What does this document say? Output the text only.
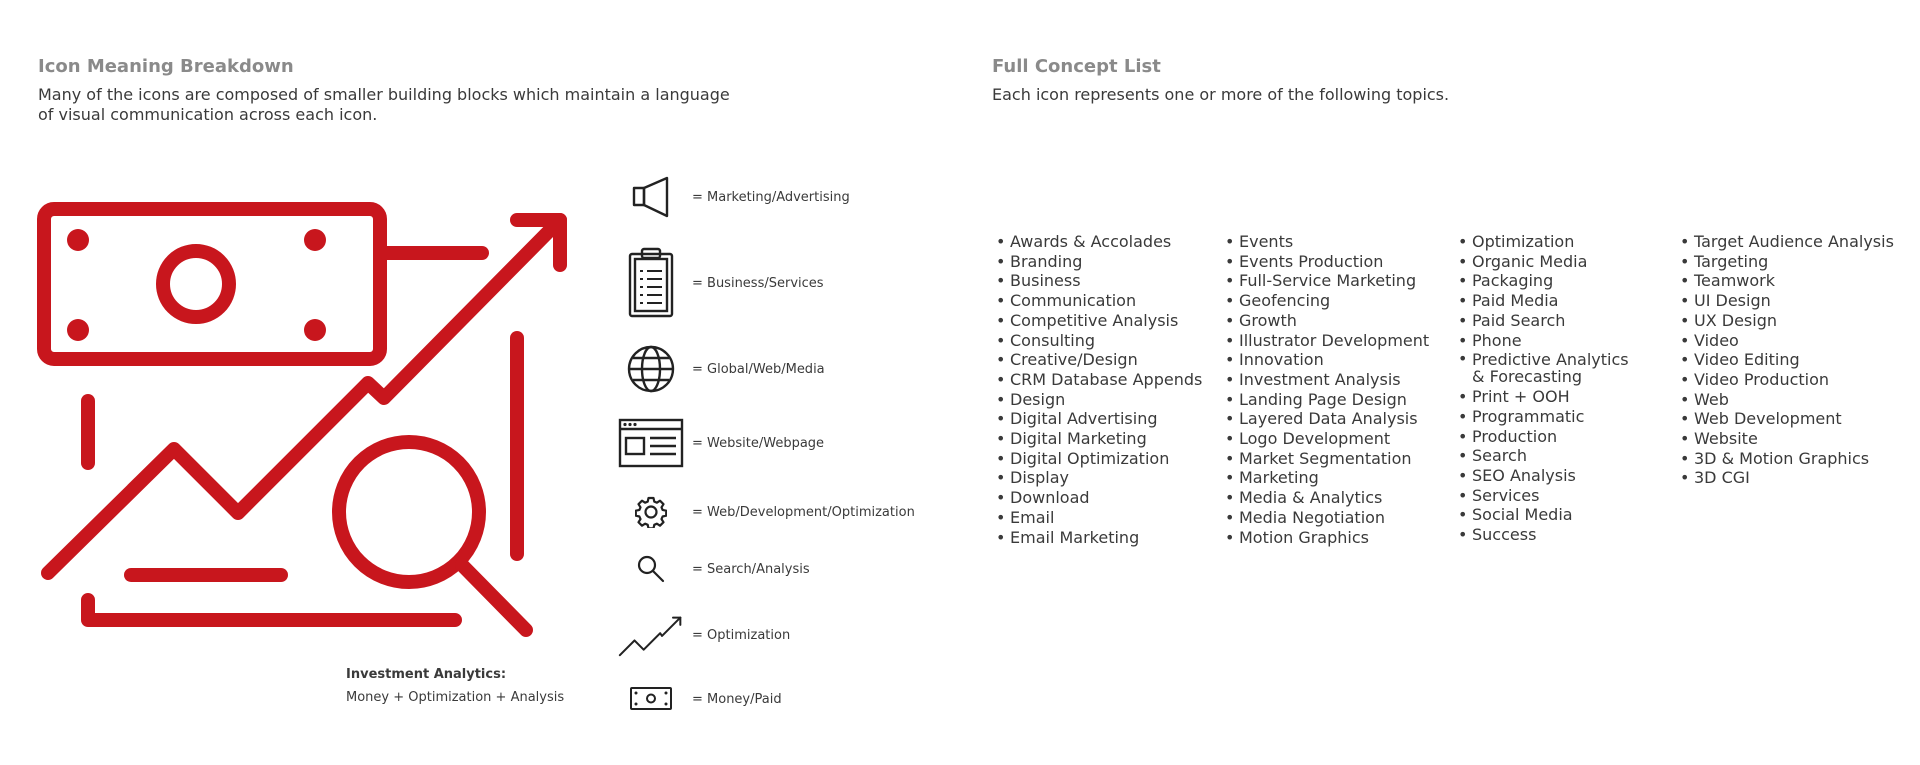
Icon Meaning Breakdown

Many of the icons are composed of smaller building blocks which maintain a language

of visual communication across each icon.

Investment Analytics:
Money + Optimization + Analysis
= Marketing/Advertising
= Business/Services
= Global/Web/Media
= Website/Webpage
= Web/Development/Optimization
= Search/Analysis
= Optimization
= Money/Paid

Full Concept List

Each icon represents one or more of the following topics.

• Awards & Accolades
• Branding
• Business
• Communication
• Competitive Analysis
• Consulting
• Creative/Design
• CRM Database Appends
• Design
• Digital Advertising
• Digital Marketing
• Digital Optimization
• Display
• Download
• Email
• Email Marketing
• Events
• Events Production
• Full-Service Marketing
• Geofencing
• Growth
• Illustrator Development
• Innovation
• Investment Analysis
• Landing Page Design
• Layered Data Analysis
• Logo Development
• Market Segmentation
• Marketing
• Media & Analytics
• Media Negotiation
• Motion Graphics
• Optimization
• Organic Media
• Packaging
• Paid Media
• Paid Search
• Phone
• Predictive Analytics
& Forecasting
• Print + OOH
• Programmatic
• Production
• Search
• SEO Analysis
• Services
• Social Media
• Success
• Target Audience Analysis
• Targeting
• Teamwork
• UI Design
• UX Design
• Video
• Video Editing
• Video Production
• Web
• Web Development
• Website
• 3D & Motion Graphics
• 3D CGI
